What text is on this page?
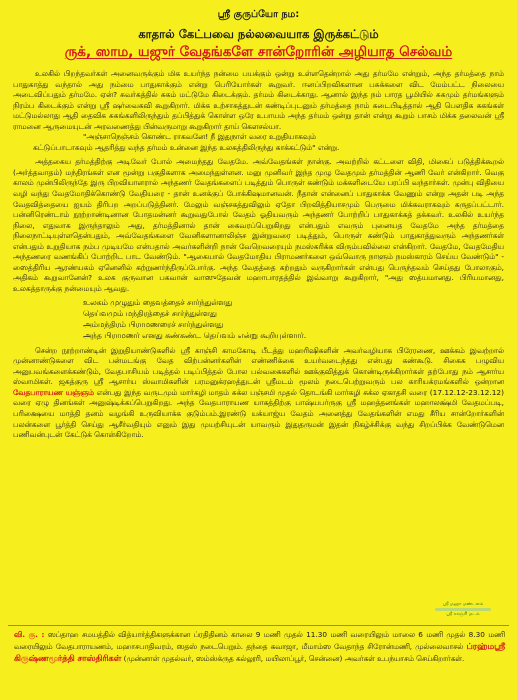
ஸ்ரீ குருப்யோ நம:
காதால் கேட்பவை நல்லவையாக இருக்கட்டும்
ருக், ஸாம, யஜுர் வேதங்களே சான்றோரின் அழியாத செல்வம்

உலகில் பிறந்தவர்கள் அனைவருக்கும் மிக உயர்ந்த நன்மை பயக்கும் ஒன்று உள்ளதென்றால் அது தர்மமே என்றும், அந்த தர்மத்தை நாம் பாதுகாத்து வந்தால் அது நம்மை பாதுகாக்கும் என்று பெரியோர்கள் கூறுவர். ஈனப்பிறவிகளான பசுக்களை விட மேம்பட்ட நிலையை அடைவிப்பதும் தர்மமே. ஏன்? சுவர்கத்தில் சுகம் மட்டுமே கிடைக்கும். தர்மம் கிடைக்காது. ஆனால் இந்த நம் பாரத பூமியில் சுகமும் தர்மங்களும் நிரம்ப கிடைக்கும் என்று ஸ்ரீ ஷர்வைகவி கூறுகிறார். மிக்க உற்சாகத்துடன் கண்டிப்புடனும் தர்மத்தை நாம் கடைபிடித்தால் ஆதி பௌதிக சுகங்கள் மட்டுமல்லாது ஆதி தைவிக சுகங்களிலிருந்தும் தப்பித்துக் கொள்ள ஒரே உபாயம் அந்த தர்மம் ஒன்று தான் என்று கூறும் பாசம் மிக்க தலைவன் ஸ்ரீ ராமனை ஆருமையுடன் அரவணைத்து பின்வருமாறு கூறுகிறார் தாய் கௌசல்யா.

"அஞ்சாநெஞ்சம் கொண்ட ராகவனே! நீ இதுநாள் வரை உறுதியாகவும்

கட்டுப்பாடாகவும் ஆதரித்து வந்த தர்மம் உன்னை இந்த உலகத்திலிருந்து காக்கட்டும்" என்று.

அத்தகைய தர்மத்திற்கு அடிவேர் போல் அமைந்தது வேதமே. அவ்வேதங்கள் நான்கு. அவற்றில் கட்டளை விதி, மிகைப் படுத்திக்கூறல் (அர்த்தவாதம்) மந்திரங்கள் என மூன்று பகுதிகளாக அமைந்துள்ளன. மனு முனிவர் இந்த முழு வேதமும் தர்மத்தின் ஆணி வேர் என்கிறார். வெகு காலம் முன்பிலிருந்தே இரு பிறவியாளரால் அந்தணர் வேதங்களைப் படித்தும் பொருள் கண்டும் மக்களிடையே பரப்பி வந்தார்கள். முன்பு விதியை வழி வந்து வேதமோதிக்கொண்டு வேதியரை - தான் உனக்குப் போக்கிஷமானவன். நீதான் என்னைப் பாதுகாக்க வேணும் என்று அதன் படி அந்த வேதவித்தையை ஐயம் திரிபற அறப்படுத்தினர். மேலும் வஞ்சகத்துவிலும் ஏதோ பிறவித்தியாசமும் பெருமை மிக்கவராகவும் கருதப்பட்டார். பன்னிரெண்டாம் நூற்றாண்டினான போதமன்னர் கூறுவதுபோல் வேதம் ஓதியவரும் அந்தணர் போற்றிப் பாதுகாக்கத் தக்கவர். உலகில் உயர்ந்த நிலை, எதுவாக இருந்தாலும் அது, தர்மத்தினால் தான் கைவரப்பெறுகிறது என்பதும் எவரும் புனையத வேதமே அந்த தர்மத்தை நிலைநாட்டியுள்ளதென்பதும், அவ்வேதங்களை வேனிகளானாலிஞ்ச இன்றுவரை படித்தும், பொருள் கண்டும் பாதுகாத்துவரும் அந்தணர்கள் என்பதும் உறுதியாக நம்ப முடியமே என்பதால் அவர்களின்றி நான் வேறெவரையும் நமஸ்கரிக்க விரும்பவில்லை என்கிறார். வேதமே, வேதமேதிய அந்தணரை வணங்கிப் போற்றிட பாட வேண்டும். "ஆகையால் வேதமோதிய பிராமணர்களை ஒவ்வொரு நாளும் நமஸ்காரம் செய்ய வேண்டும்" - ஸைத்திரிய ஆரண்யகம் ஏனெனில் கற்றுணர்ந்திருப்போர்கு. அந்த வேதத்தை கற்றதும் வருகிறார்கள் என்பது பெருந்தவம் செய்தது போலாகும், அதிகம் கூறுவானேன்? உலக குருவான பகவான் வாஸுதேவன் மஹாபாரதத்தில் இவ்வாறு கூறுகிறார், "அது ஸத்யமானது. பிரியமானது, உலகத்தாருக்கு நன்மையும் ஆவது.

உலகம் முழுதும் தைவத்தைச் சார்ந்துள்ளது
தெய்வமும் மந்திரத்தைச் சார்ந்துள்ளது
அம்மந்திரம் பிராமணரைச் சார்ந்துள்ளது
அந்த பிராமணர் எனது கண்கண்ட தெய்வம் என்று கூறியுள்ளார்.

சென்ற நூற்றாண்டின் இறுதியாண்டுகளில் ஸ்ரீ காஞ்சி காமகோடி பீடத்து மஹரிஷிகளின் அவர்வழியாக பிரேரணை, ஊக்கம் இவற்றால் முன்னாண்டுகளை விட பன்மடங்கு வேத விற்பன்னர்களின் எண்ணிக்கை உயர்வடைந்தது என்பது கண்கூடு. சிகைக பழுவிய அனுபவங்களைக்கண்டும், வேதபாசியம் படித்தல் படிப்பித்தல் போல பல்வகைகளில் ஊக்குவித்துக் கொண்டிருக்கிறார்கள் தற்போது நம் ஆசார்ய ஸ்வாமிகள். ஜகத்குரு ஸ்ரீ ஆசார்ய ஸ்வாமிகளின் பரமனுக்ரஹத்துடன் ஸ்ரீமடம் மூலம் நடைபெற்றுவரும் பல காரியக்ரமங்களில் ஒன்றான வேதபாராயண யஞ்ஞம் என்பது இந்த வருடமும் மார்கழி மாதம் சுக்ல பஞ்சமி முதல் தொடங்கி மார்கழி சுக்ல ஏகாதசி வரை (17.12.12-23.12.12) வரை ஏழு தினங்கள் அனுஷ்டிக்கப்பெறுகிறது. அந்த வேதபாராயண யாகத்திற்கு பாஷ்யபர்ருகு ஸ்ரீ மஹத்தனங்கள் மஹாலக்ஷ்மி வேதமப்படி, பரிக்ஷையை மாத்தி தனம் வழங்கி உருவியாக்க குடும்பம்.இரண்டு யக்யாஜ்ய வேதம் அனைத்து வேதங்களின் எமது சீரிய சான்றோர்களின் பலன்களை பூர்த்தி செய்து ஆசீர்வதியும் எனும் இது முயற்சியுடன் யாவரும் இதுதருமன் இதன் நிகழ்ச்சிக்கு வந்து சிறப்பிக்க வேண்டுமென பணிவன்புடன் கேட்டுக் கொள்கிறோம்.

ஸ்ரீ மஹா மண்டலம்
ஸ்ரீ காஞ்சி மடம்
வி. கு. : ஸப்தாஹ சமயத்தில் வித்யார்த்திகளுக்கான ப்ரதிதினம் காலை 9 மணி முதல் 11.30 மணி வரையிலும் மாலை 6 மணி முதல் 8.30 மணி வரையிலும் வேதபாராயணம், மஹாசபாதிவரம், ஸதஸ் நடைபெறும். தந்தை கவாஜா, மீமாம்ஸ வேதாந்த சிரோன்மணி, முல்லைவாசல் ப்ரஹ்மஸ்ரீ கிருஷ்ணமூர்த்தி சாஸ்திரிகள் (முன்னாள் முதல்வர், ஸம்ஸ்க்ருத கல்லூரி, மயிலாப்பூர், சென்னை) அவர்கள் உபந்யாசம் செய்கிறார்கள்.
